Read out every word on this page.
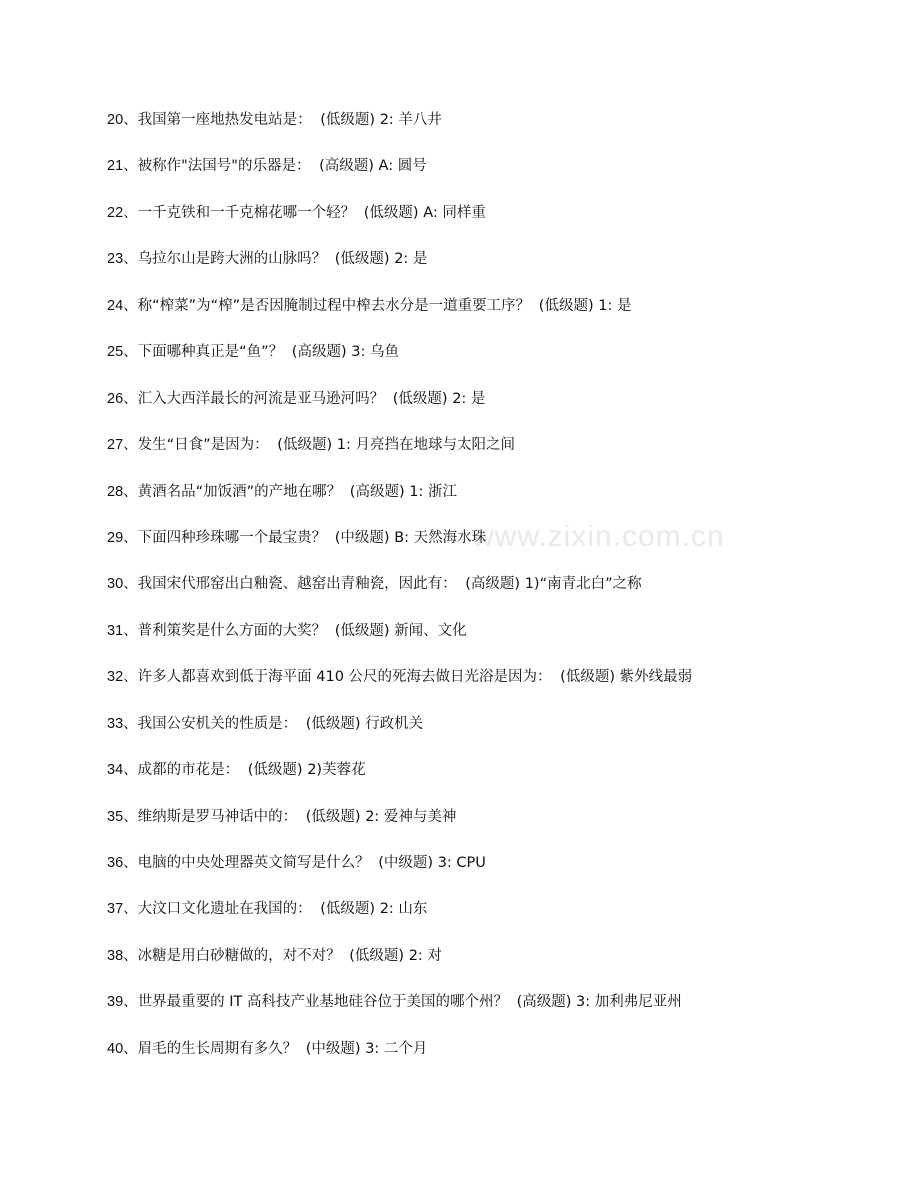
www.zixin.com.cn
20、我国第一座地热发电站是： (低级题) 2: 羊八井
21、被称作"法国号"的乐器是： (高级题) A: 圆号
22、一千克铁和一千克棉花哪一个轻？ (低级题) A: 同样重
23、乌拉尔山是跨大洲的山脉吗？ (低级题) 2: 是
24、称“榨菜”为“榨”是否因腌制过程中榨去水分是一道重要工序？ (低级题) 1: 是
25、下面哪种真正是“鱼”？ (高级题) 3: 乌鱼
26、汇入大西洋最长的河流是亚马逊河吗？ (低级题) 2: 是
27、发生“日食”是因为： (低级题) 1: 月亮挡在地球与太阳之间
28、黄酒名品“加饭酒”的产地在哪？ (高级题) 1: 浙江
29、下面四种珍珠哪一个最宝贵？ (中级题) B: 天然海水珠
30、我国宋代邢窑出白釉瓷、越窑出青釉瓷，因此有： (高级题) 1)“南青北白”之称
31、普利策奖是什么方面的大奖？ (低级题) 新闻、文化
32、许多人都喜欢到低于海平面 410 公尺的死海去做日光浴是因为： (低级题) 紫外线最弱
33、我国公安机关的性质是： (低级题) 行政机关
34、成都的市花是： (低级题) 2)芙蓉花
35、维纳斯是罗马神话中的： (低级题) 2: 爱神与美神
36、电脑的中央处理器英文简写是什么？ (中级题) 3: CPU
37、大汶口文化遗址在我国的： (低级题) 2: 山东
38、冰糖是用白砂糖做的，对不对？ (低级题) 2: 对
39、世界最重要的 IT 高科技产业基地硅谷位于美国的哪个州？ (高级题) 3: 加利弗尼亚州
40、眉毛的生长周期有多久？ (中级题) 3: 二个月
